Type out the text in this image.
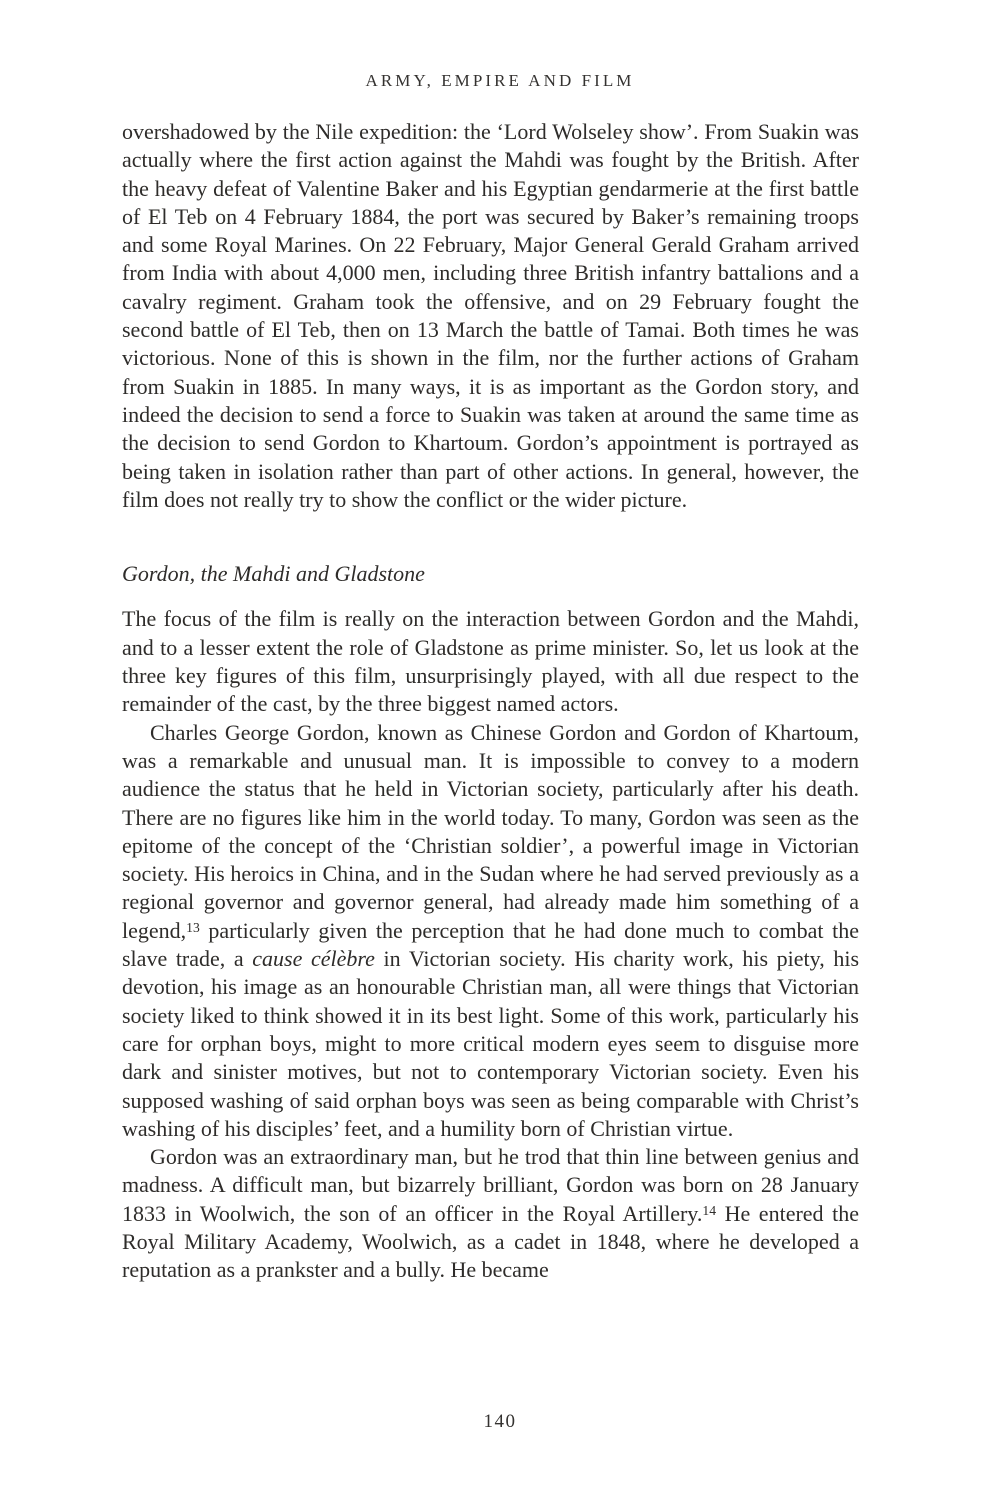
ARMY, EMPIRE AND FILM

overshadowed by the Nile expedition: the ‘Lord Wolseley show’. From Suakin was actually where the first action against the Mahdi was fought by the British. After the heavy defeat of Valentine Baker and his Egyptian gendarmerie at the first battle of El Teb on 4 February 1884, the port was secured by Baker’s remaining troops and some Royal Marines. On 22 February, Major General Gerald Graham arrived from India with about 4,000 men, including three British infantry battalions and a cavalry regiment. Graham took the offensive, and on 29 February fought the second battle of El Teb, then on 13 March the battle of Tamai. Both times he was victorious. None of this is shown in the film, nor the further actions of Graham from Suakin in 1885. In many ways, it is as important as the Gordon story, and indeed the decision to send a force to Suakin was taken at around the same time as the decision to send Gordon to Khartoum. Gordon’s appointment is portrayed as being taken in isolation rather than part of other actions. In general, however, the film does not really try to show the conflict or the wider picture.

Gordon, the Mahdi and Gladstone

The focus of the film is really on the interaction between Gordon and the Mahdi, and to a lesser extent the role of Gladstone as prime minister. So, let us look at the three key figures of this film, unsurprisingly played, with all due respect to the remainder of the cast, by the three biggest named actors.

Charles George Gordon, known as Chinese Gordon and Gordon of Khartoum, was a remarkable and unusual man. It is impossible to convey to a modern audience the status that he held in Victorian society, particularly after his death. There are no figures like him in the world today. To many, Gordon was seen as the epitome of the concept of the ‘Christian soldier’, a powerful image in Victorian society. His heroics in China, and in the Sudan where he had served previously as a regional governor and governor general, had already made him something of a legend,$^{13}$ particularly given the perception that he had done much to combat the slave trade, a cause célèbre in Victorian society. His charity work, his piety, his devotion, his image as an honourable Christian man, all were things that Victorian society liked to think showed it in its best light. Some of this work, particularly his care for orphan boys, might to more critical modern eyes seem to disguise more dark and sinister motives, but not to contemporary Victorian society. Even his supposed washing of said orphan boys was seen as being comparable with Christ’s washing of his disciples’ feet, and a humility born of Christian virtue.

Gordon was an extraordinary man, but he trod that thin line between genius and madness. A difficult man, but bizarrely brilliant, Gordon was born on 28 January 1833 in Woolwich, the son of an officer in the Royal Artillery.$^{14}$ He entered the Royal Military Academy, Woolwich, as a cadet in 1848, where he developed a reputation as a prankster and a bully. He became

140
